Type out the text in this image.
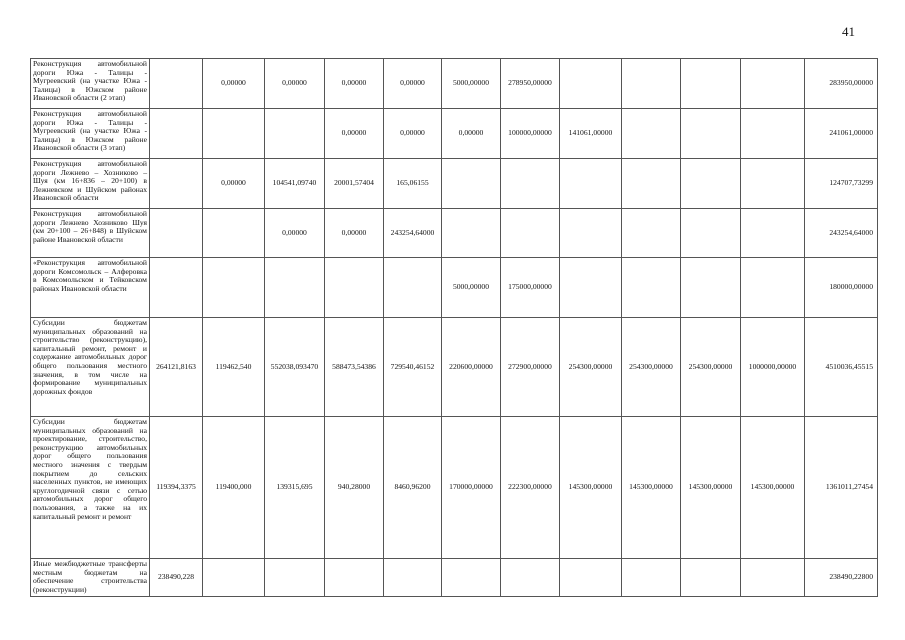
41
Реконструкция автомобильной дороги Южа - Талицы - Мугреевский (на участке Южа - Талицы) в Южском районе Ивановской области (2 этап)		0,00000	0,00000	0,00000	0,00000	5000,00000	278950,00000					283950,00000
Реконструкция автомобильной дороги Южа - Талицы - Мугреевский (на участке Южа - Талицы) в Южском районе Ивановской области (3 этап)				0,00000	0,00000	0,00000	100000,00000	141061,00000				241061,00000
Реконструкция автомобильной дороги Лежнево – Хозниково – Шуя (км 16+836 – 20+100) в Лежневском и Шуйском районах Ивановской области		0,00000	104541,09740	20001,57404	165,06155							124707,73299
Реконструкция автомобильной дороги Лежнево Хозниково Шуя (км 20+100 – 26+848) в Шуйском районе Ивановской области			0,00000	0,00000	243254,64000							243254,64000
«Реконструкция автомобильной дороги Комсомольск – Алферовка в Комсомольском и Тейковском районах Ивановской области						5000,00000	175000,00000					180000,00000
Субсидии бюджетам муниципальных образований на строительство (реконструкцию), капитальный ремонт, ремонт и содержание автомобильных дорог общего пользования местного значения, в том числе на формирование муниципальных дорожных фондов	264121,8163	119462,540	552038,093470	588473,54386	729540,46152	220600,00000	272900,00000	254300,00000	254300,00000	254300,00000	1000000,00000	4510036,45515
Субсидии бюджетам муниципальных образований на проектирование, строительство, реконструкцию автомобильных дорог общего пользования местного значения с твердым покрытием до сельских населенных пунктов, не имеющих круглогодичной связи с сетью автомобильных дорог общего пользования, а также на их капитальный ремонт и ремонт	119394,3375	119400,000	139315,695	940,28000	8460,96200	170000,00000	222300,00000	145300,00000	145300,00000	145300,00000	145300,00000	1361011,27454
Иные межбюджетные трансферты местным бюджетам на обеспечение строительства (реконструкции)	238490,228											238490,22800
